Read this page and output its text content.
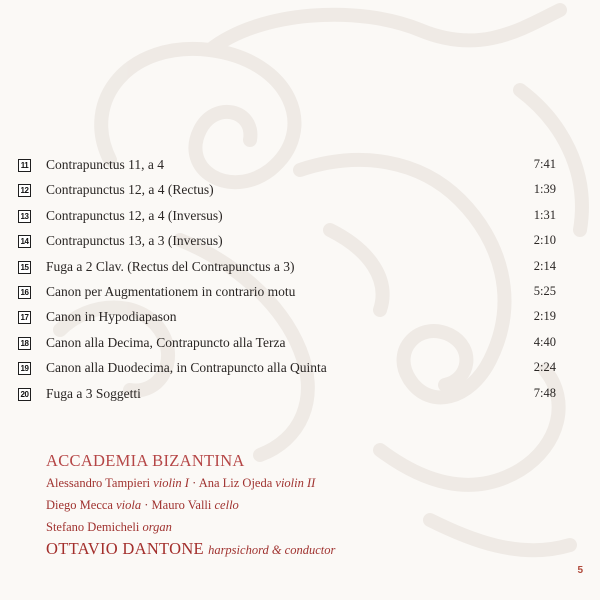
11 Contrapunctus 11, a 4	7:41
12 Contrapunctus 12, a 4 (Rectus)	1:39
13 Contrapunctus 12, a 4 (Inversus)	1:31
14 Contrapunctus 13, a 3 (Inversus)	2:10
15 Fuga a 2 Clav. (Rectus del Contrapunctus a 3)	2:14
16 Canon per Augmentationem in contrario motu	5:25
17 Canon in Hypodiapason	2:19
18 Canon alla Decima, Contrapuncto alla Terza	4:40
19 Canon alla Duodecima, in Contrapuncto alla Quinta	2:24
20 Fuga a 3 Soggetti	7:48
ACCADEMIA BIZANTINA
Alessandro Tampieri violin I · Ana Liz Ojeda violin II
Diego Mecca viola · Mauro Valli cello
Stefano Demicheli organ
OTTAVIO DANTONE harpsichord & conductor
5
